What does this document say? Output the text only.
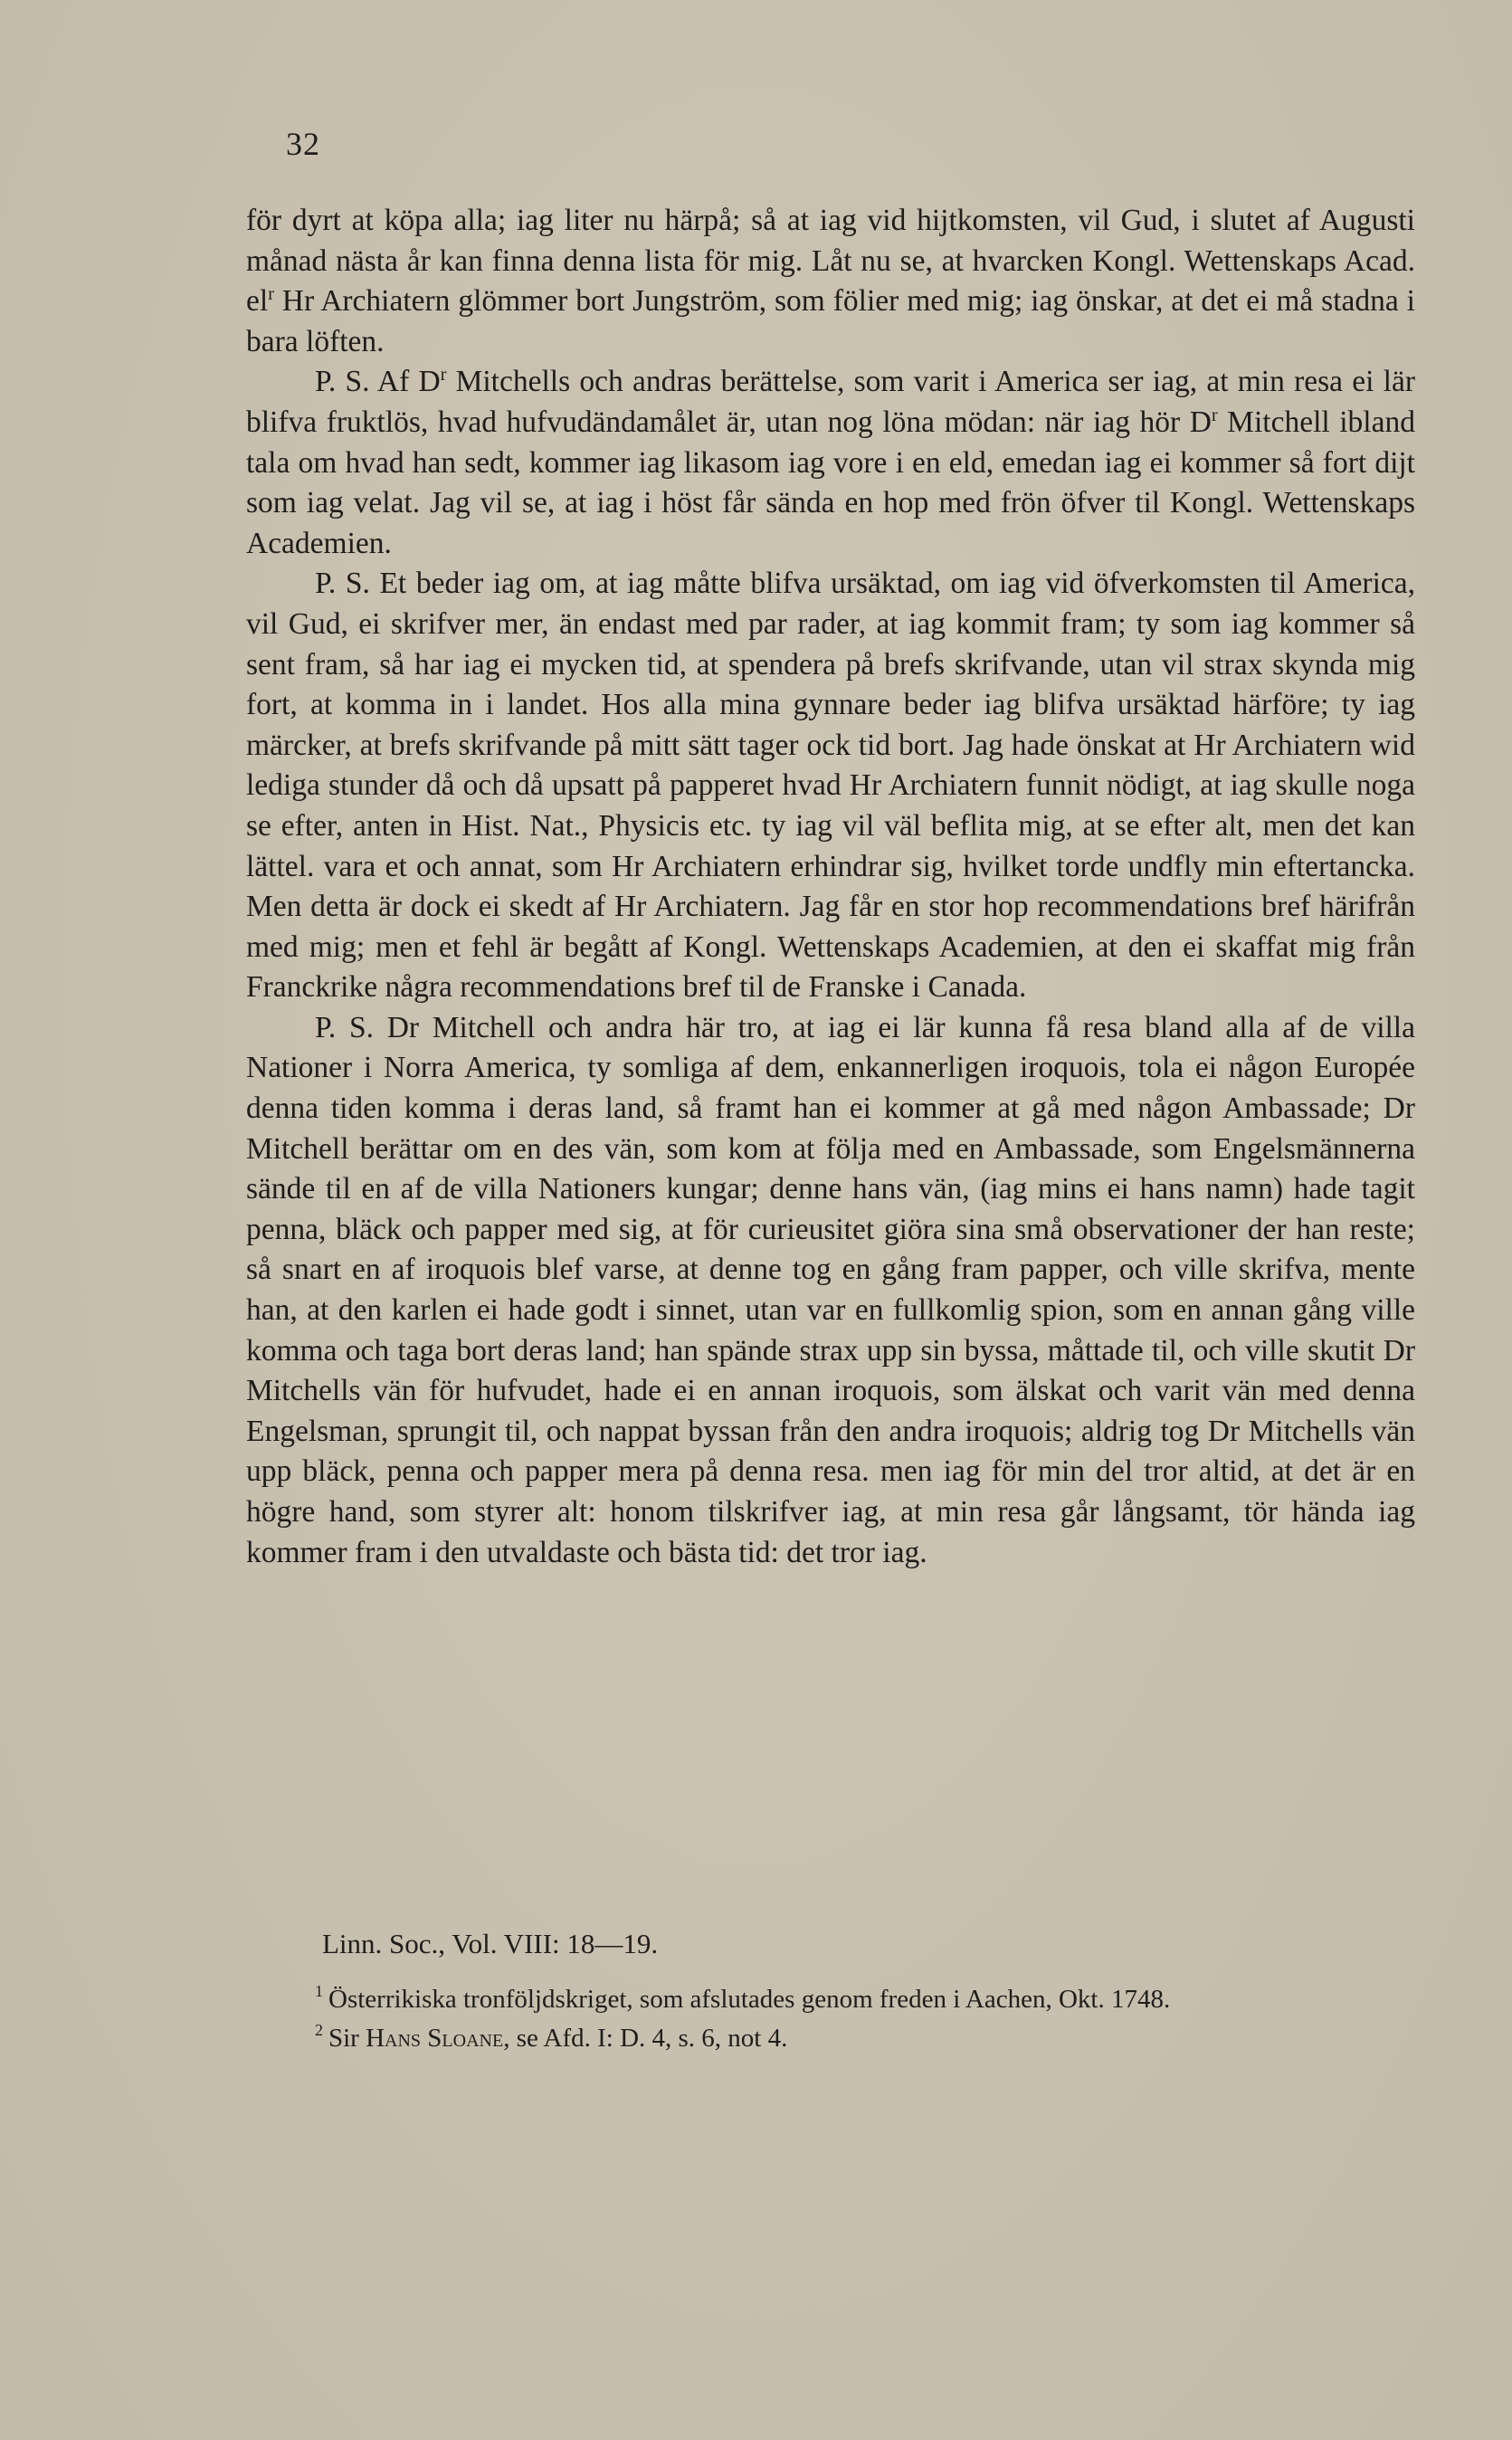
32

för dyrt at köpa alla; iag liter nu härpå; så at iag vid hijtkomsten, vil Gud, i slutet af Augusti månad nästa år kan finna denna lista för mig. Låt nu se, at hvarcken Kongl. Wettenskaps Acad. $el^r$ Hr Archiatern glömmer bort Jungström, som fölier med mig; iag önskar, at det ei må stadna i bara löften.

P. S. Af $D^r$ Mitchells och andras berättelse, som varit i America ser iag, at min resa ei lär blifva fruktlös, hvad hufvudändamålet är, utan nog löna mödan: när iag hör $D^r$ Mitchell ibland tala om hvad han sedt, kommer iag likasom iag vore i en eld, emedan iag ei kommer så fort dijt som iag velat. Jag vil se, at iag i höst får sända en hop med frön öfver til Kongl. Wettenskaps Academien.

P. S. Et beder iag om, at iag måtte blifva ursäktad, om iag vid öfverkomsten til America, vil Gud, ei skrifver mer, än endast med par rader, at iag kommit fram; ty som iag kommer så sent fram, så har iag ei mycken tid, at spendera på brefs skrifvande, utan vil strax skynda mig fort, at komma in i landet. Hos alla mina gynnare beder iag blifva ursäktad härföre; ty iag märcker, at brefs skrifvande på mitt sätt tager ock tid bort. Jag hade önskat at Hr Archiatern wid lediga stunder då och då upsatt på papperet hvad Hr Archiatern funnit nödigt, at iag skulle noga se efter, anten in Hist. Nat., Physicis etc. ty iag vil väl beflita mig, at se efter alt, men det kan lättel. vara et och annat, som Hr Archiatern erhindrar sig, hvilket torde undfly min eftertancka. Men detta är dock ei skedt af Hr Archiatern. Jag får en stor hop recommendations bref härifrån med mig; men et fehl är begått af Kongl. Wettenskaps Academien, at den ei skaffat mig från Franckrike några recommendations bref til de Franske i Canada.

P. S. Dr Mitchell och andra här tro, at iag ei lär kunna få resa bland alla af de villa Nationer i Norra America, ty somliga af dem, enkannerligen iroquois, tola ei någon Europée denna tiden komma i deras land, så framt han ei kommer at gå med någon Ambassade; Dr Mitchell berättar om en des vän, som kom at följa med en Ambassade, som Engelsmännerna sände til en af de villa Nationers kungar; denne hans vän, (iag mins ei hans namn) hade tagit penna, bläck och papper med sig, at för curieusitet giöra sina små observationer der han reste; så snart en af iroquois blef varse, at denne tog en gång fram papper, och ville skrifva, mente han, at den karlen ei hade godt i sinnet, utan var en fullkomlig spion, som en annan gång ville komma och taga bort deras land; han spände strax upp sin byssa, måttade til, och ville skutit Dr Mitchells vän för hufvudet, hade ei en annan iroquois, som älskat och varit vän med denna Engelsman, sprungit til, och nappat byssan från den andra iroquois; aldrig tog Dr Mitchells vän upp bläck, penna och papper mera på denna resa. men iag för min del tror altid, at det är en högre hand, som styrer alt: honom tilskrifver iag, at min resa går långsamt, tör hända iag kommer fram i den utvaldaste och bästa tid: det tror iag.

Linn. Soc., Vol. VIII: 18—19.

$^1$ Österrikiska tronföljdskriget, som afslutades genom freden i Aachen, Okt. 1748.

$^2$ Sir Hans Sloane, se Afd. I: D. 4, s. 6, not 4.
